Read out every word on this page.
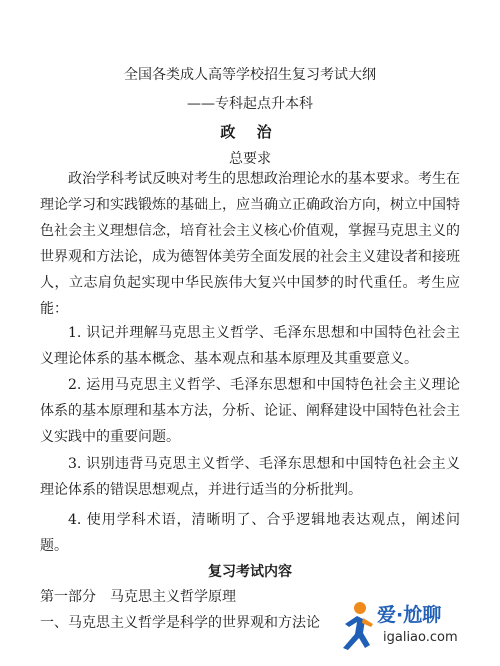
全国各类成人高等学校招生复习考试大纲
——专科起点升本科
政 治
总要求

政治学科考试反映对考生的思想政治理论水的基本要求。考生在理论学习和实践锻炼的基础上，应当确立正确政治方向，树立中国特色社会主义理想信念，培育社会主义核心价值观，掌握马克思主义的世界观和方法论，成为德智体美劳全面发展的社会主义建设者和接班人，立志肩负起实现中华民族伟大复兴中国梦的时代重任。考生应能：

1. 识记并理解马克思主义哲学、毛泽东思想和中国特色社会主义理论体系的基本概念、基本观点和基本原理及其重要意义。

2. 运用马克思主义哲学、毛泽东思想和中国特色社会主义理论体系的基本原理和基本方法，分析、论证、阐释建设中国特色社会主义实践中的重要问题。

3. 识别违背马克思主义哲学、毛泽东思想和中国特色社会主义理论体系的错误思想观点，并进行适当的分析批判。

4. 使用学科术语，清晰明了、合乎逻辑地表达观点，阐述问题。

复习考试内容
第一部分　马克思主义哲学原理
一、马克思主义哲学是科学的世界观和方法论	爱·尬聊
igaliao.com
